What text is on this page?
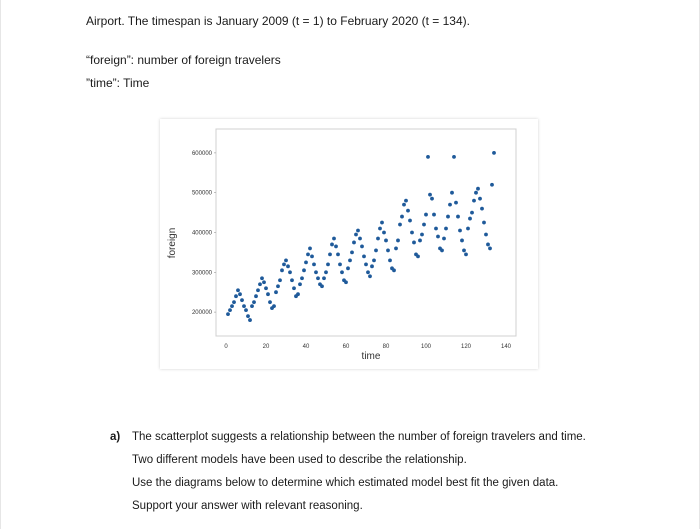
Airport. The timespan is January 2009 (t = 1) to February 2020 (t = 134).
“foreign”: number of foreign travelers
”time”: Time
0	20	40	60	80	100	120	140
200000
300000
400000
500000
600000
time
foreign
a) The scatterplot suggests a relationship between the number of foreign travelers and time.
Two different models have been used to describe the relationship.
Use the diagrams below to determine which estimated model best fit the given data.
Support your answer with relevant reasoning.
